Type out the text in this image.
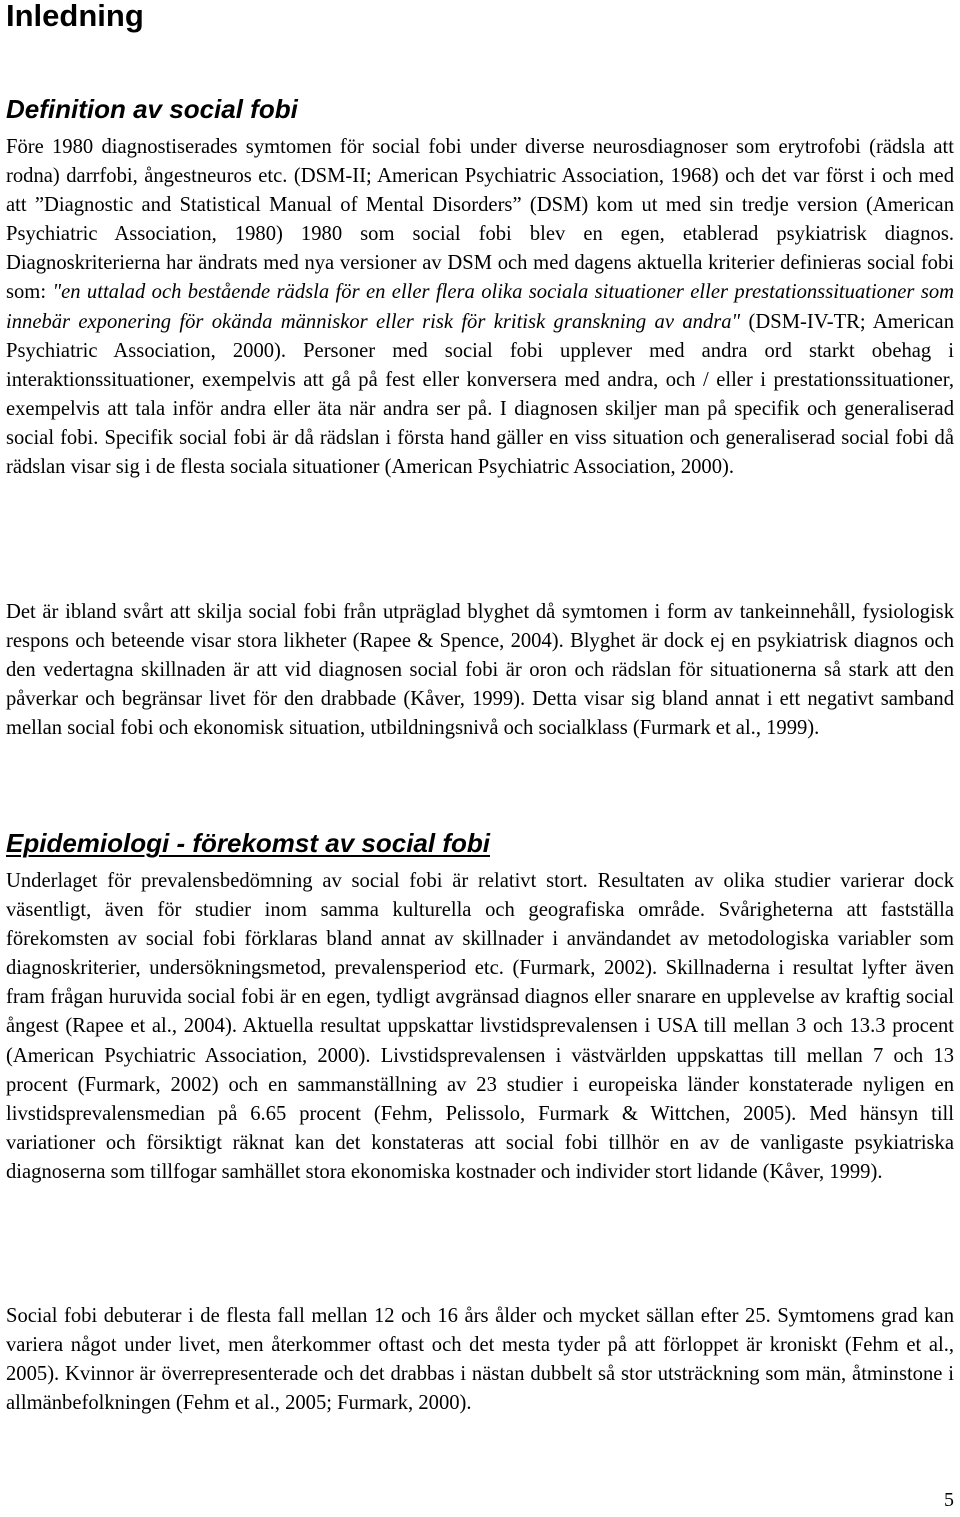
Inledning
Definition av social fobi

Före 1980 diagnostiserades symtomen för social fobi under diverse neurosdiagnoser som erytrofobi (rädsla att rodna) darrfobi, ångestneuros etc. (DSM-II; American Psychiatric Association, 1968) och det var först i och med att ”Diagnostic and Statistical Manual of Mental Disorders” (DSM) kom ut med sin tredje version (American Psychiatric Association, 1980) 1980 som social fobi blev en egen, etablerad psykiatrisk diagnos. Diagnoskriterierna har ändrats med nya versioner av DSM och med dagens aktuella kriterier definieras social fobi som: "en uttalad och bestående rädsla för en eller flera olika sociala situationer eller prestationssituationer som innebär exponering för okända människor eller risk för kritisk granskning av andra" (DSM-IV-TR; American Psychiatric Association, 2000). Personer med social fobi upplever med andra ord starkt obehag i interaktionssituationer, exempelvis att gå på fest eller konversera med andra, och / eller i prestationssituationer, exempelvis att tala inför andra eller äta när andra ser på. I diagnosen skiljer man på specifik och generaliserad social fobi. Specifik social fobi är då rädslan i första hand gäller en viss situation och generaliserad social fobi då rädslan visar sig i de flesta sociala situationer (American Psychiatric Association, 2000).

Det är ibland svårt att skilja social fobi från utpräglad blyghet då symtomen i form av tankeinnehåll, fysiologisk respons och beteende visar stora likheter (Rapee & Spence, 2004). Blyghet är dock ej en psykiatrisk diagnos och den vedertagna skillnaden är att vid diagnosen social fobi är oron och rädslan för situationerna så stark att den påverkar och begränsar livet för den drabbade (Kåver, 1999). Detta visar sig bland annat i ett negativt samband mellan social fobi och ekonomisk situation, utbildningsnivå och socialklass (Furmark et al., 1999).

Epidemiologi - förekomst av social fobi

Underlaget för prevalensbedömning av social fobi är relativt stort. Resultaten av olika studier varierar dock väsentligt, även för studier inom samma kulturella och geografiska område. Svårigheterna att fastställa förekomsten av social fobi förklaras bland annat av skillnader i användandet av metodologiska variabler som diagnoskriterier, undersökningsmetod, prevalensperiod etc. (Furmark, 2002). Skillnaderna i resultat lyfter även fram frågan huruvida social fobi är en egen, tydligt avgränsad diagnos eller snarare en upplevelse av kraftig social ångest (Rapee et al., 2004). Aktuella resultat uppskattar livstidsprevalensen i USA till mellan 3 och 13.3 procent (American Psychiatric Association, 2000). Livstidsprevalensen i västvärlden uppskattas till mellan 7 och 13 procent (Furmark, 2002) och en sammanställning av 23 studier i europeiska länder konstaterade nyligen en livstidsprevalensmedian på 6.65 procent (Fehm, Pelissolo, Furmark & Wittchen, 2005). Med hänsyn till variationer och försiktigt räknat kan det konstateras att social fobi tillhör en av de vanligaste psykiatriska diagnoserna som tillfogar samhället stora ekonomiska kostnader och individer stort lidande (Kåver, 1999).

Social fobi debuterar i de flesta fall mellan 12 och 16 års ålder och mycket sällan efter 25. Symtomens grad kan variera något under livet, men återkommer oftast och det mesta tyder på att förloppet är kroniskt (Fehm et al., 2005). Kvinnor är överrepresenterade och det drabbas i nästan dubbelt så stor utsträckning som män, åtminstone i allmänbefolkningen (Fehm et al., 2005; Furmark, 2000).

5
